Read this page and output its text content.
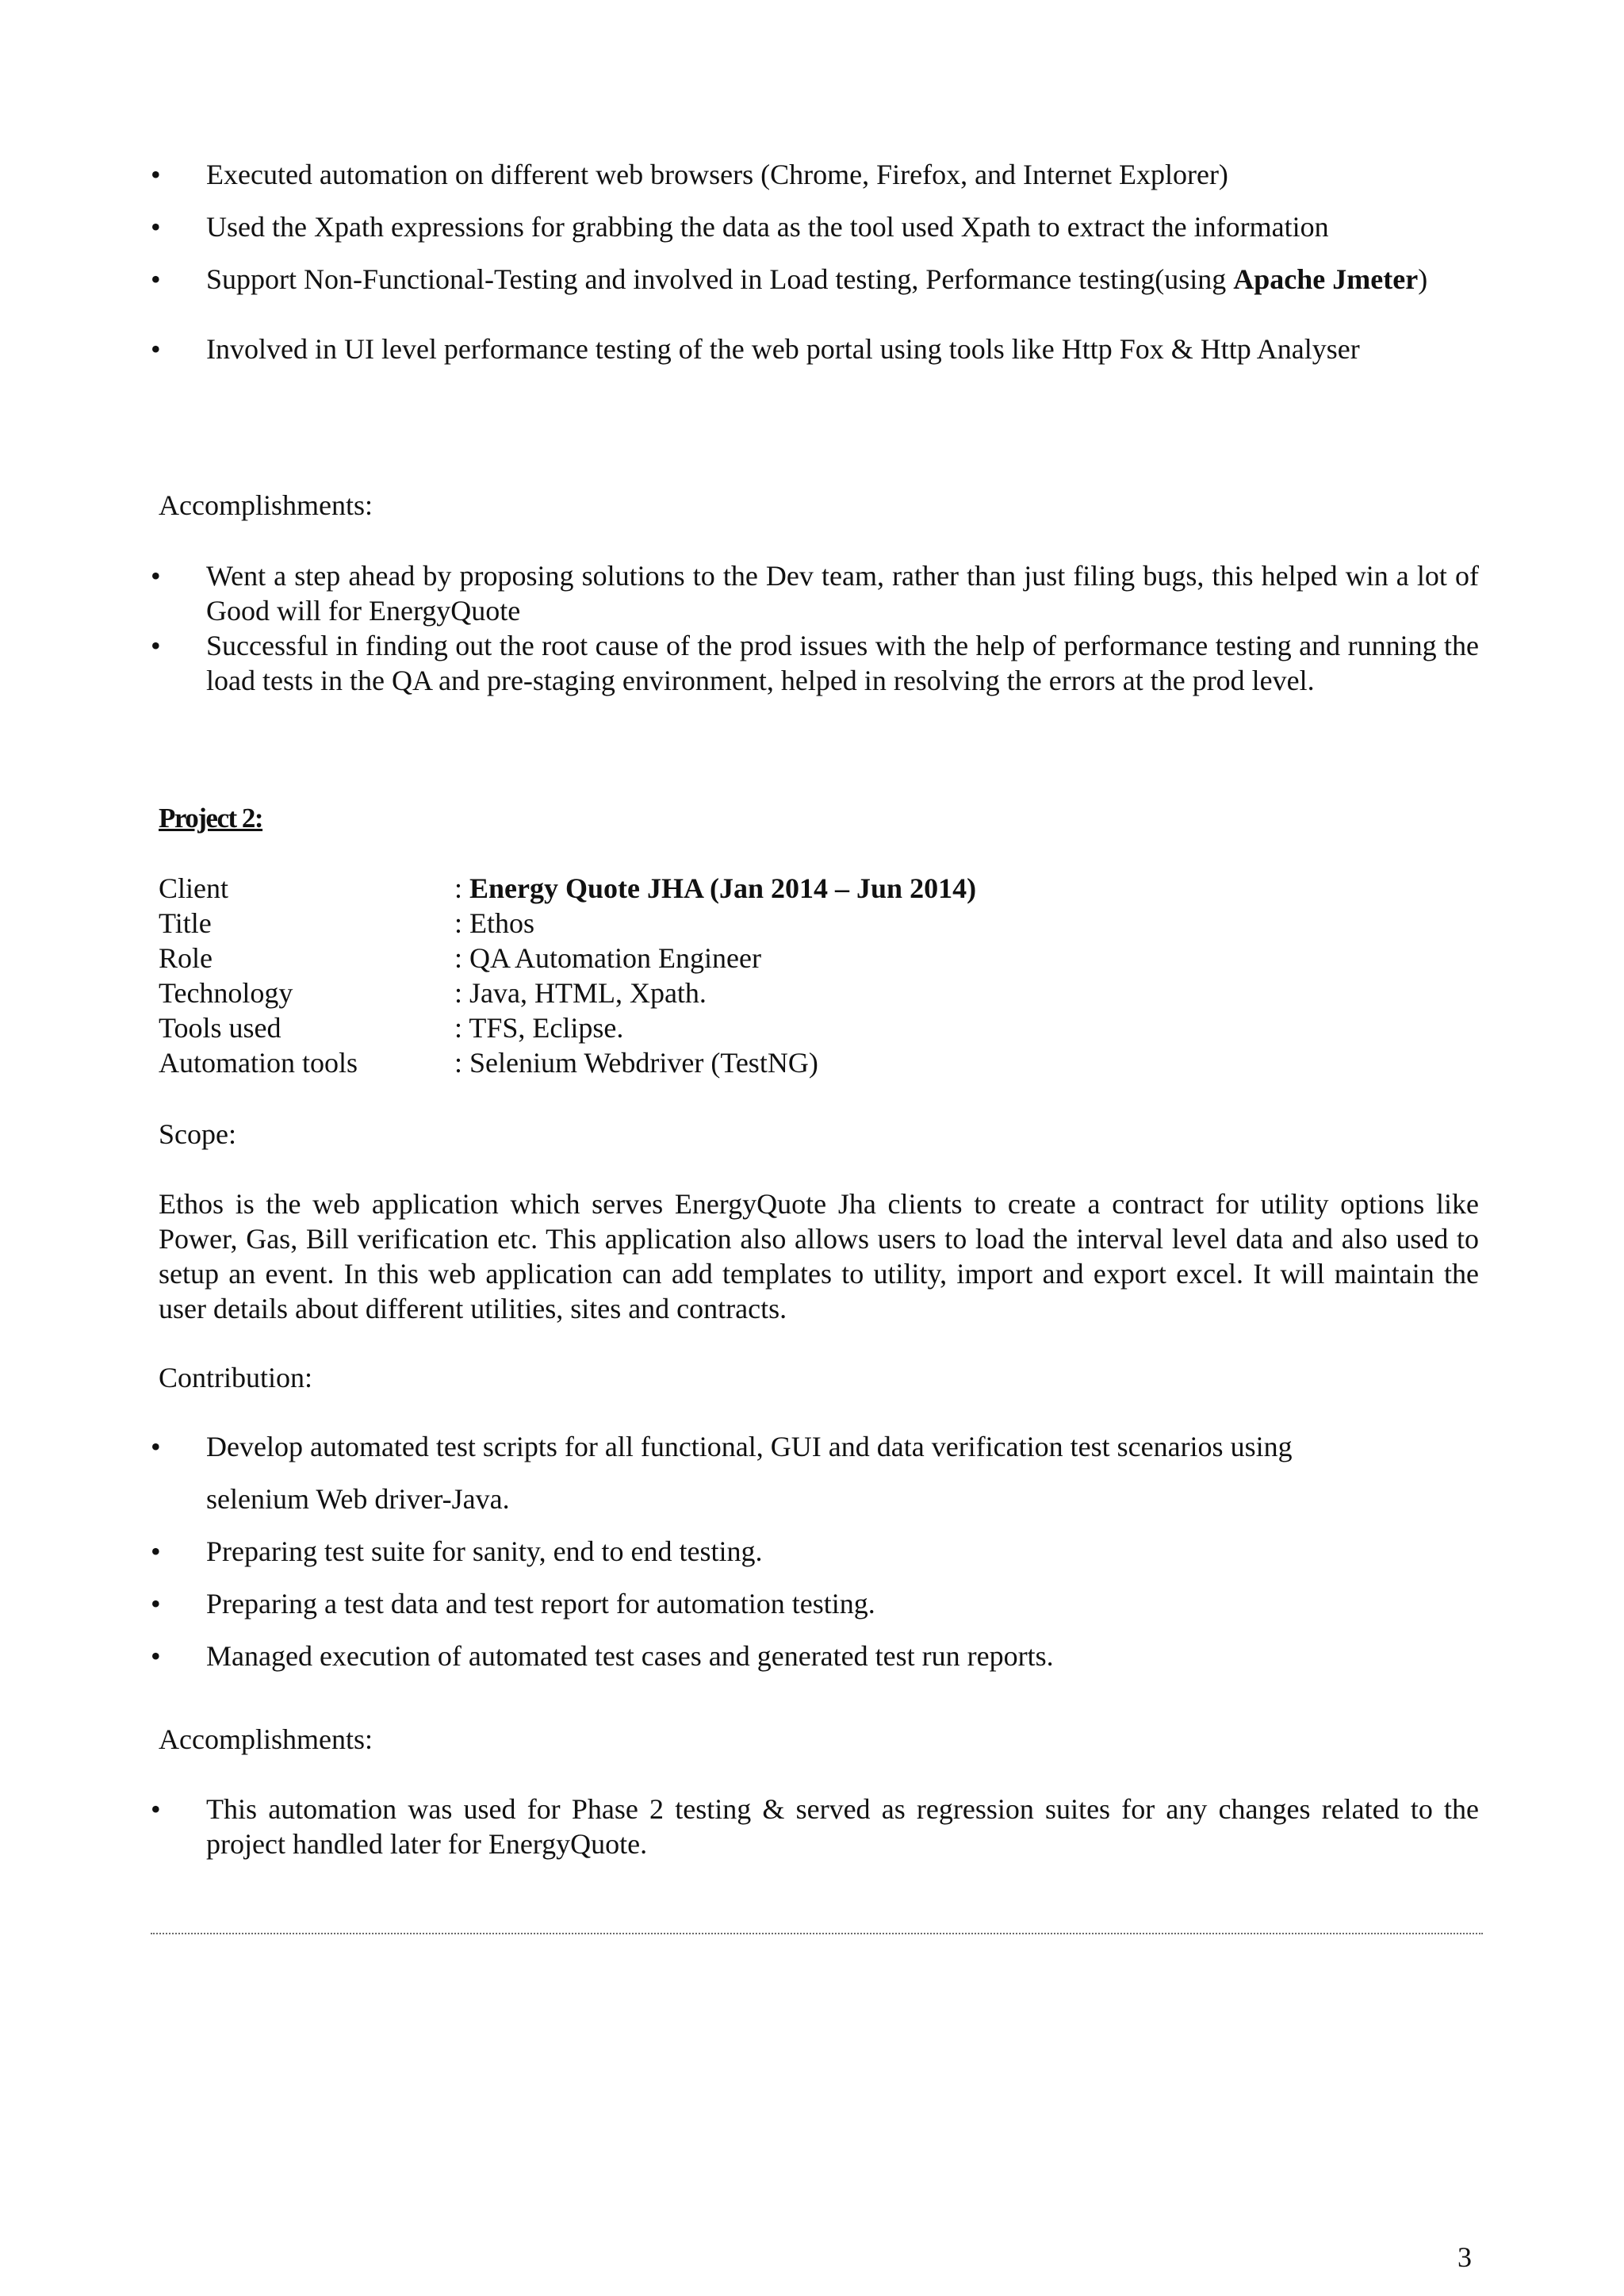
• Executed automation on different web browsers (Chrome, Firefox, and Internet Explorer)
• Used the Xpath expressions for grabbing the data as the tool used Xpath to extract the information
• Support Non-Functional-Testing and involved in Load testing, Performance testing(using Apache Jmeter)
• Involved in UI level performance testing of the web portal using tools like Http Fox & Http Analyser
Accomplishments:
• Went a step ahead by proposing solutions to the Dev team, rather than just filing bugs, this helped win a lot of Good will for EnergyQuote
• Successful in finding out the root cause of the prod issues with the help of performance testing and running the load tests in the QA and pre-staging environment, helped in resolving the errors at the prod level.
Project 2:
Client	: Energy Quote JHA (Jan 2014 – Jun 2014)
Title	: Ethos
Role	: QA Automation Engineer
Technology	: Java, HTML, Xpath.
Tools used	: TFS, Eclipse.
Automation tools	: Selenium Webdriver (TestNG)
Scope:
Ethos is the web application which serves EnergyQuote Jha clients to create a contract for utility options like Power, Gas, Bill verification etc. This application also allows users to load the interval level data and also used to setup an event. In this web application can add templates to utility, import and export excel. It will maintain the user details about different utilities, sites and contracts.
Contribution:
• Develop automated test scripts for all functional, GUI and data verification test scenarios using
selenium Web driver-Java.
• Preparing test suite for sanity, end to end testing.
• Preparing a test data and test report for automation testing.
• Managed execution of automated test cases and generated test run reports.
Accomplishments:
• This automation was used for Phase 2 testing & served as regression suites for any changes related to the project handled later for EnergyQuote.
3
